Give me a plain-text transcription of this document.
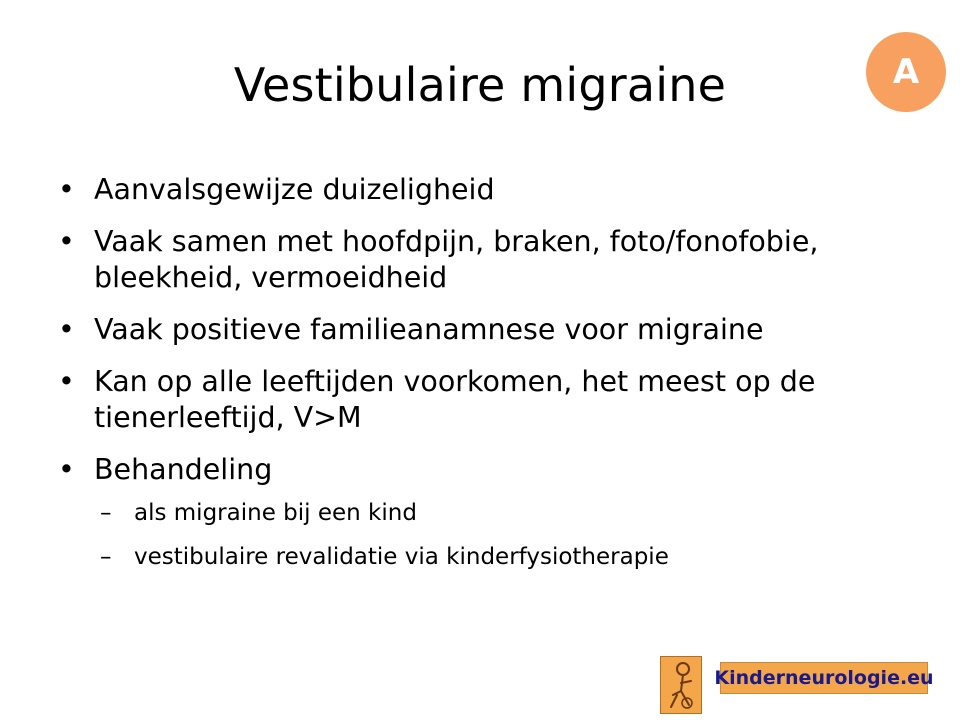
Vestibulaire migraine	A
• Aanvalsgewijze duizeligheid
• Vaak samen met hoofdpijn, braken, foto/fonofobie, bleekheid, vermoeidheid
• Vaak positieve familieanamnese voor migraine
• Kan op alle leeftijden voorkomen, het meest op de tienerleeftijd, V>M
• Behandeling
– als migraine bij een kind
– vestibulaire revalidatie via kinderfysiotherapie
Kinderneurologie.eu
